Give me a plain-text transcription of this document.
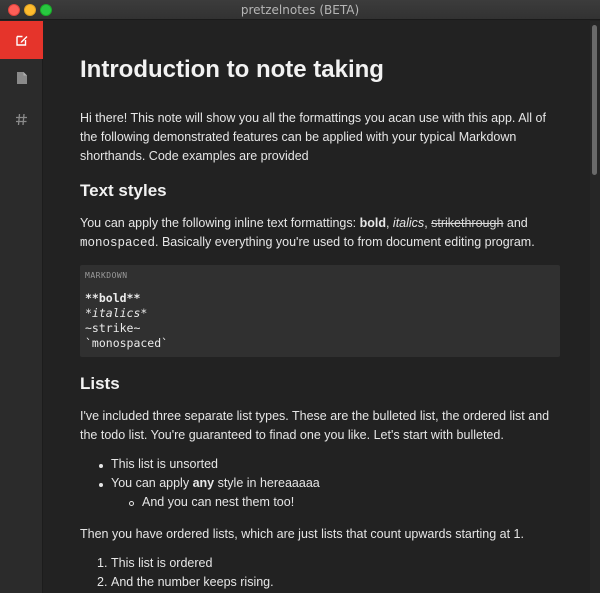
pretzelnotes (BETA)
Introduction to note taking

Hi there! This note will show you all the formattings you acan use with this app. All of the following demonstrated features can be applied with your typical Markdown shorthands. Code examples are provided

Text styles

You can apply the following inline text formattings: bold, italics, strikethrough and monospaced. Basically everything you're used to from document editing program.

MARKDOWN
**bold**
*italics*
~strike~
`monospaced`
Lists

I've included three separate list types. These are the bulleted list, the ordered list and the todo list. You're guaranteed to finad one you like. Let's start with bulleted.

This list is unsorted
You can apply any style in hereaaaaa
And you can nest them too!

Then you have ordered lists, which are just lists that count upwards starting at 1.

1. This list is ordered
2. And the number keeps rising.
